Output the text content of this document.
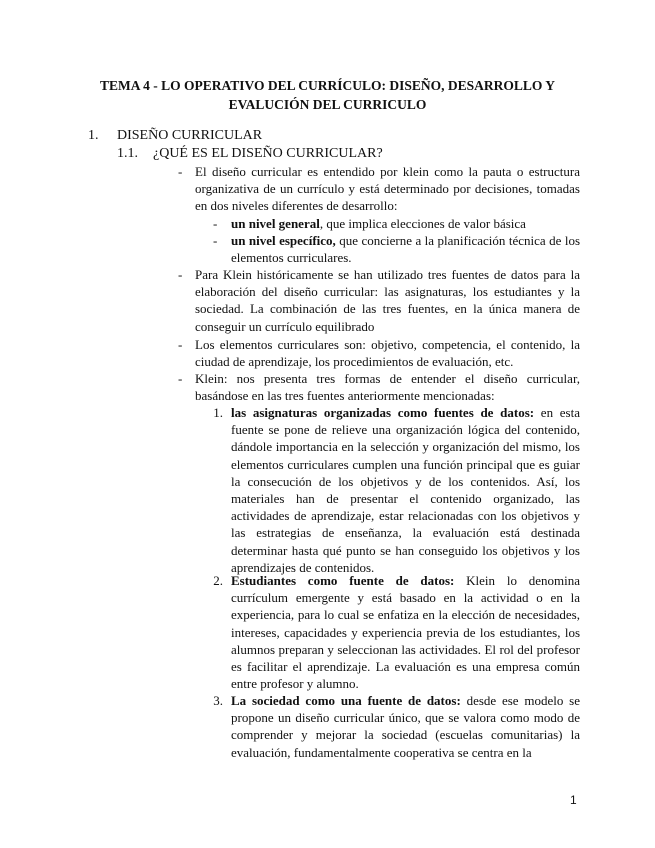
TEMA 4 - LO OPERATIVO DEL CURRÍCULO: DISEÑO, DESARROLLO Y
EVALUCIÓN DEL CURRICULO
1. DISEÑO CURRICULAR
1.1. ¿QUÉ ES EL DISEÑO CURRICULAR?
- El diseño curricular es entendido por klein como la pauta o estructura organizativa de un currículo y está determinado por decisiones, tomadas en dos niveles diferentes de desarrollo:

- un nivel general, que implica elecciones de valor básica

- un nivel específico, que concierne a la planificación técnica de los elementos curriculares.

- Para Klein históricamente se han utilizado tres fuentes de datos para la elaboración del diseño curricular: las asignaturas, los estudiantes y la sociedad. La combinación de las tres fuentes, en la única manera de conseguir un currículo equilibrado

- Los elementos curriculares son: objetivo, competencia, el contenido, la ciudad de aprendizaje, los procedimientos de evaluación, etc.

- Klein: nos presenta tres formas de entender el diseño curricular, basándose en las tres fuentes anteriormente mencionadas:

1. las asignaturas organizadas como fuentes de datos: en esta fuente se pone de relieve una organización lógica del contenido, dándole importancia en la selección y organización del mismo, los elementos curriculares cumplen una función principal que es guiar la consecución de los objetivos y de los contenidos. Así, los materiales han de presentar el contenido organizado, las actividades de aprendizaje, estar relacionadas con los objetivos y las estrategias de enseñanza, la evaluación está destinada determinar hasta qué punto se han conseguido los objetivos y los aprendizajes de contenidos.

2. Estudiantes como fuente de datos: Klein lo denomina currículum emergente y está basado en la actividad o en la experiencia, para lo cual se enfatiza en la elección de necesidades, intereses, capacidades y experiencia previa de los estudiantes, los alumnos preparan y seleccionan las actividades. El rol del profesor es facilitar el aprendizaje. La evaluación es una empresa común entre profesor y alumno.

3. La sociedad como una fuente de datos: desde ese modelo se propone un diseño curricular único, que se valora como modo de comprender y mejorar la sociedad (escuelas comunitarias) la evaluación, fundamentalmente cooperativa se centra en la

1
